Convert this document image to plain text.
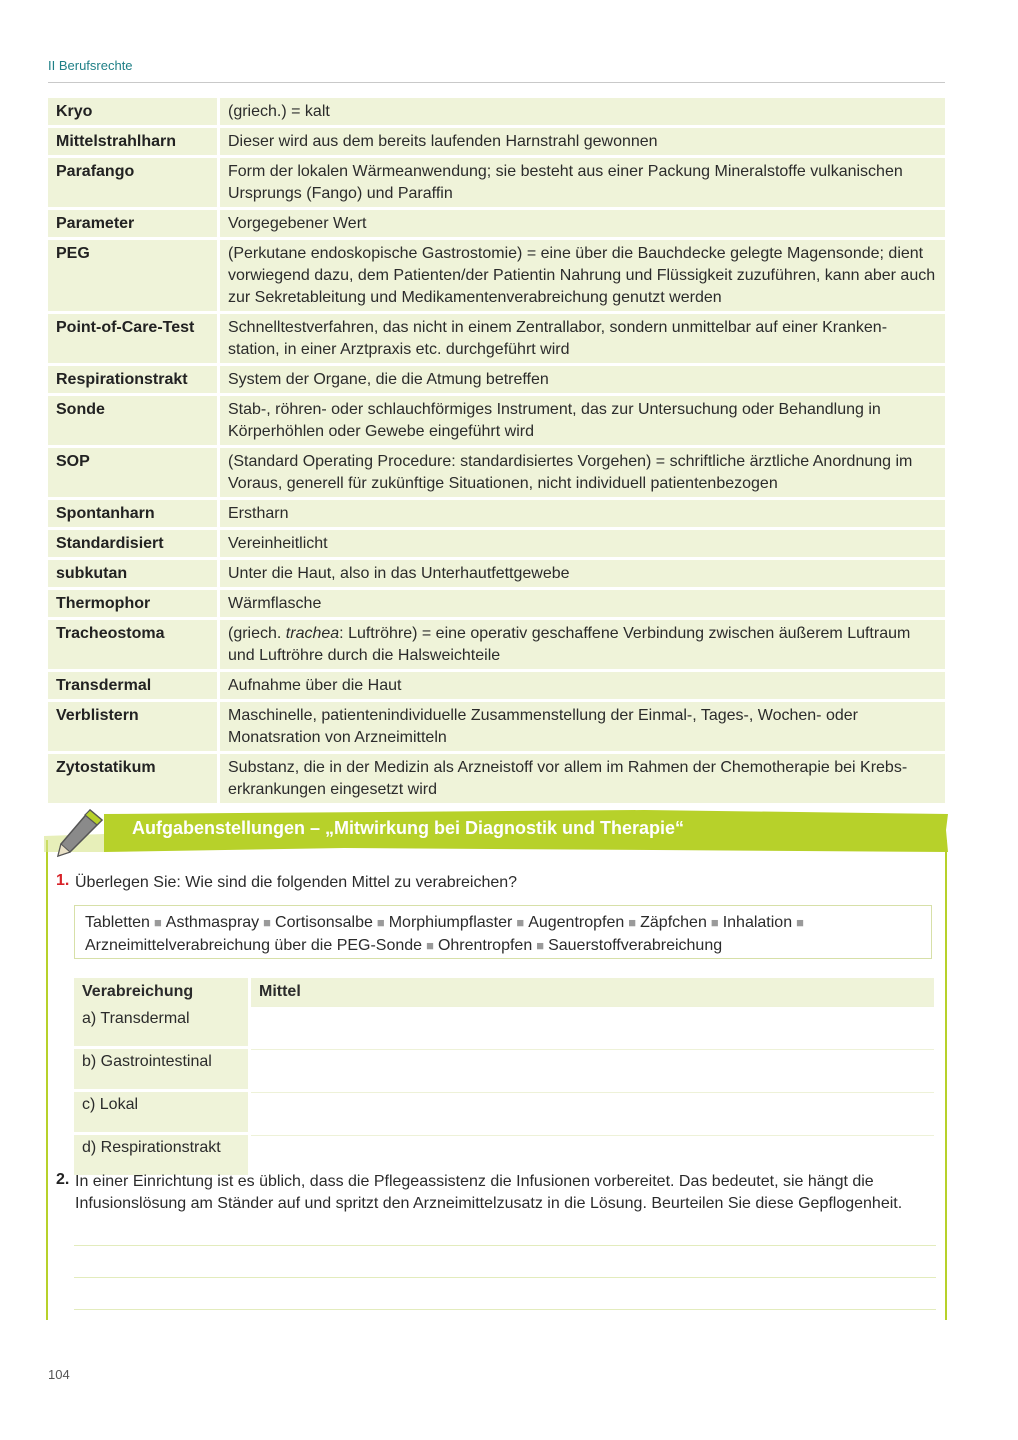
II Berufsrechte
Kryo	(griech.) = kalt
Mittelstrahlharn	Dieser wird aus dem bereits laufenden Harnstrahl gewonnen
Parafango	Form der lokalen Wärmeanwendung; sie besteht aus einer Packung Mineralstoffe vulkanischen Ursprungs (Fango) und Paraffin
Parameter	Vorgegebener Wert
PEG	(Perkutane endoskopische Gastrostomie) = eine über die Bauchdecke gelegte Magensonde; dient vorwiegend dazu, dem Patienten/der Patientin Nahrung und Flüssigkeit zuzuführen, kann aber auch zur Sekretableitung und Medikamentenverabreichung genutzt werden
Point-of-Care-Test	Schnelltestverfahren, das nicht in einem Zentrallabor, sondern unmittelbar auf einer Kranken-station, in einer Arztpraxis etc. durchgeführt wird
Respirationstrakt	System der Organe, die die Atmung betreffen
Sonde	Stab-, röhren- oder schlauchförmiges Instrument, das zur Untersuchung oder Behandlung in Körperhöhlen oder Gewebe eingeführt wird
SOP	(Standard Operating Procedure: standardisiertes Vorgehen) = schriftliche ärztliche Anordnung im Voraus, generell für zukünftige Situationen, nicht individuell patientenbezogen
Spontanharn	Erstharn
Standardisiert	Vereinheitlicht
subkutan	Unter die Haut, also in das Unterhautfettgewebe
Thermophor	Wärmflasche
Tracheostoma	(griech. trachea: Luftröhre) = eine operativ geschaffene Verbindung zwischen äußerem Luftraum und Luftröhre durch die Halsweichteile
Transdermal	Aufnahme über die Haut
Verblistern	Maschinelle, patientenindividuelle Zusammenstellung der Einmal-, Tages-, Wochen- oder Monatsration von Arzneimitteln
Zytostatikum	Substanz, die in der Medizin als Arzneistoff vor allem im Rahmen der Chemotherapie bei Krebs-erkrankungen eingesetzt wird
Aufgabenstellungen – „Mitwirkung bei Diagnostik und Therapie“
1. Überlegen Sie: Wie sind die folgenden Mittel zu verabreichen?
Tabletten ■ Asthmaspray ■ Cortisonsalbe ■ Morphiumpflaster ■ Augentropfen ■ Zäpfchen ■ Inhalation ■
Arzneimittelverabreichung über die PEG-Sonde ■ Ohrentropfen ■ Sauerstoffverabreichung
Verabreichung	Mittel
a) Transdermal	
b) Gastrointestinal	
c) Lokal	
d) Respirationstrakt	
2. In einer Einrichtung ist es üblich, dass die Pflegeassistenz die Infusionen vorbereitet. Das bedeutet, sie hängt die Infusionslösung am Ständer auf und spritzt den Arzneimittelzusatz in die Lösung. Beurteilen Sie diese Gepflogenheit.
104
